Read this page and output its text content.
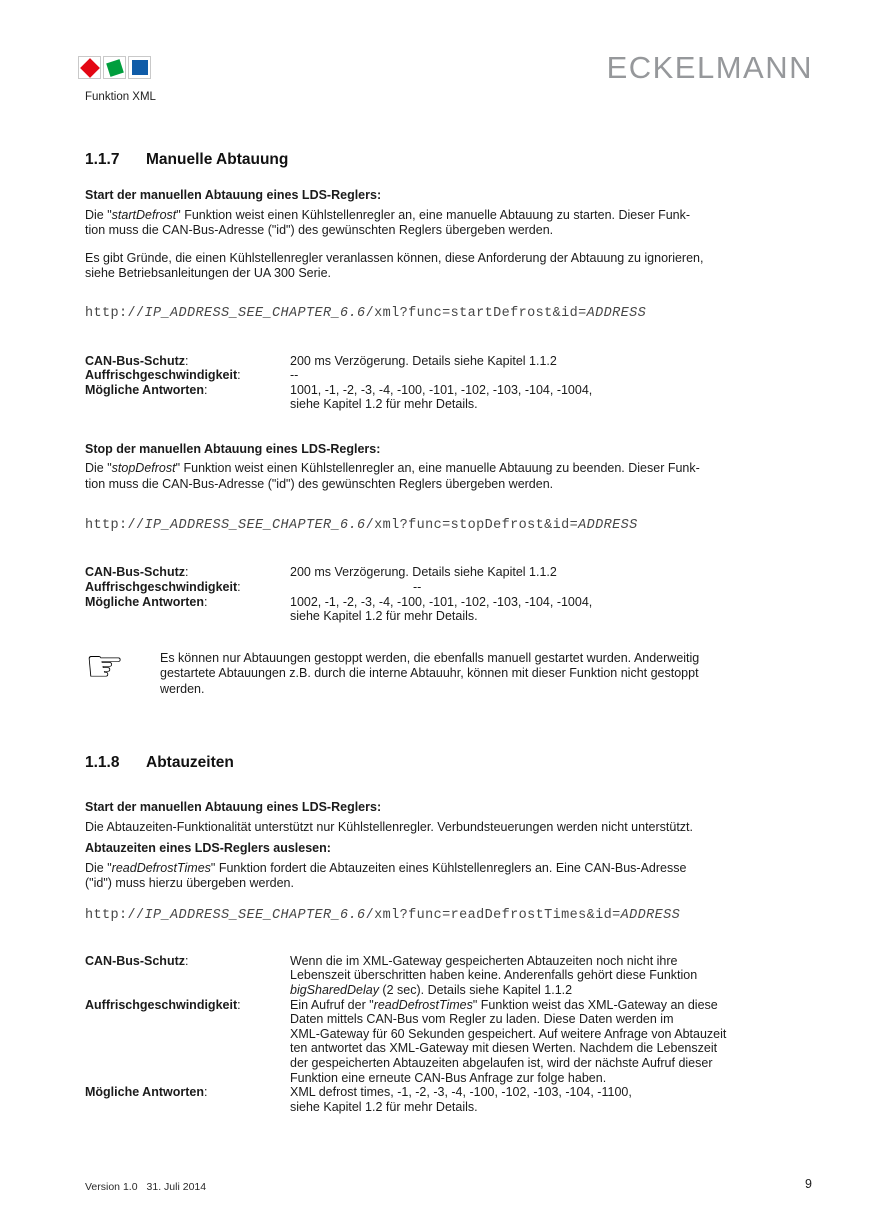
Funktion XML
ECKELMANN
1.1.7	Manuelle Abtauung
Start der manuellen Abtauung eines LDS-Reglers:
Die "startDefrost" Funktion weist einen Kühlstellenregler an, eine manuelle Abtauung zu starten. Dieser Funk-
tion muss die CAN-Bus-Adresse ("id") des gewünschten Reglers übergeben werden.
Es gibt Gründe, die einen Kühlstellenregler veranlassen können, diese Anforderung der Abtauung zu ignorieren,
siehe Betriebsanleitungen der UA 300 Serie.
http://IP_ADDRESS_SEE_CHAPTER_6.6/xml?func=startDefrost&id=ADDRESS
CAN-Bus-Schutz:	200 ms Verzögerung. Details siehe Kapitel 1.1.2
Auffrischgeschwindigkeit:	--
Mögliche Antworten:	1001, -1, -2, -3, -4, -100, -101, -102, -103, -104, -1004,
siehe Kapitel 1.2 für mehr Details.
Stop der manuellen Abtauung eines LDS-Reglers:
Die "stopDefrost" Funktion weist einen Kühlstellenregler an, eine manuelle Abtauung zu beenden. Dieser Funk-
tion muss die CAN-Bus-Adresse ("id") des gewünschten Reglers übergeben werden.
http://IP_ADDRESS_SEE_CHAPTER_6.6/xml?func=stopDefrost&id=ADDRESS
CAN-Bus-Schutz:	200 ms Verzögerung. Details siehe Kapitel 1.1.2
Auffrischgeschwindigkeit:	--
Mögliche Antworten:	1002, -1, -2, -3, -4, -100, -101, -102, -103, -104, -1004,
siehe Kapitel 1.2 für mehr Details.
☞	Es können nur Abtauungen gestoppt werden, die ebenfalls manuell gestartet wurden. Anderweitig
gestartete Abtauungen z.B. durch die interne Abtauuhr, können mit dieser Funktion nicht gestoppt
werden.
1.1.8	Abtauzeiten
Start der manuellen Abtauung eines LDS-Reglers:
Die Abtauzeiten-Funktionalität unterstützt nur Kühlstellenregler. Verbundsteuerungen werden nicht unterstützt.
Abtauzeiten eines LDS-Reglers auslesen:
Die "readDefrostTimes" Funktion fordert die Abtauzeiten eines Kühlstellenreglers an. Eine CAN-Bus-Adresse
("id") muss hierzu übergeben werden.
http://IP_ADDRESS_SEE_CHAPTER_6.6/xml?func=readDefrostTimes&id=ADDRESS
CAN-Bus-Schutz:	Wenn die im XML-Gateway gespeicherten Abtauzeiten noch nicht ihre
Lebenszeit überschritten haben keine. Anderenfalls gehört diese Funktion
bigSharedDelay (2 sec). Details siehe Kapitel 1.1.2
Auffrischgeschwindigkeit:	Ein Aufruf der "readDefrostTimes" Funktion weist das XML-Gateway an diese
Daten mittels CAN-Bus vom Regler zu laden. Diese Daten werden im
XML-Gateway für 60 Sekunden gespeichert. Auf weitere Anfrage von Abtauzeit
ten antwortet das XML-Gateway mit diesen Werten. Nachdem die Lebenszeit
der gespeicherten Abtauzeiten abgelaufen ist, wird der nächste Aufruf dieser
Funktion eine erneute CAN-Bus Anfrage zur folge haben.
Mögliche Antworten:	XML defrost times, -1, -2, -3, -4, -100, -102, -103, -104, -1100,
siehe Kapitel 1.2 für mehr Details.
Version 1.0 31. Juli 2014	9
